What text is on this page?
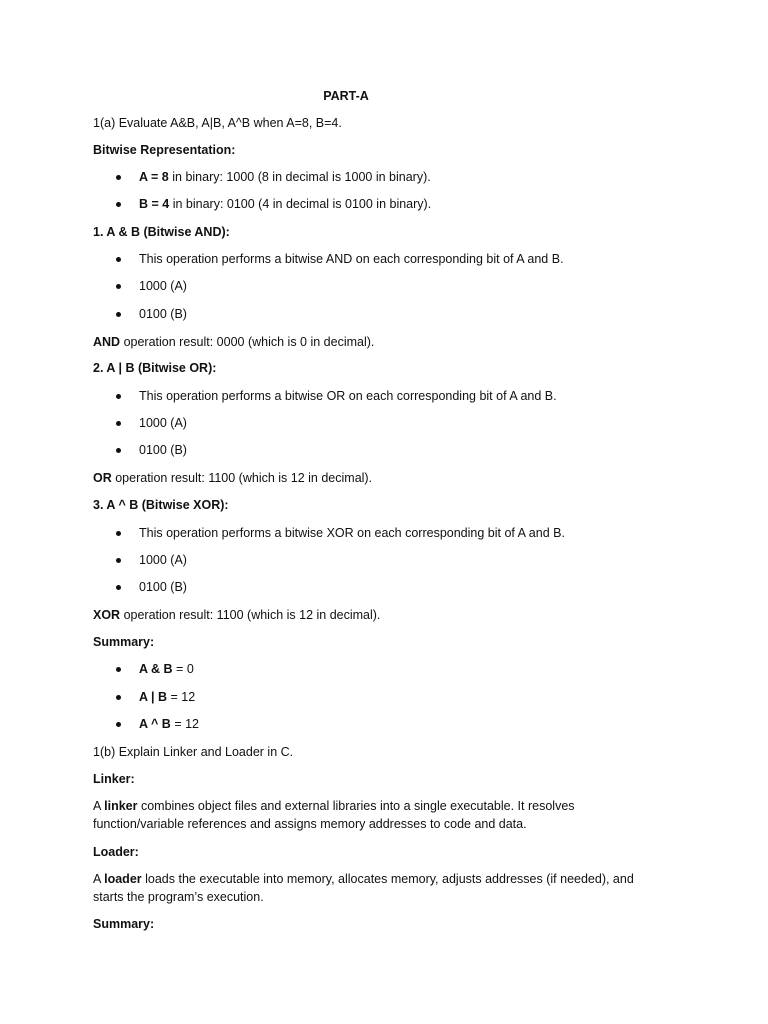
PART-A
1(a) Evaluate A&B, A|B, A^B when A=8, B=4.
Bitwise Representation:
A = 8 in binary: 1000 (8 in decimal is 1000 in binary).
B = 4 in binary: 0100 (4 in decimal is 0100 in binary).
1. A & B (Bitwise AND):
This operation performs a bitwise AND on each corresponding bit of A and B.
1000 (A)
0100 (B)
AND operation result: 0000 (which is 0 in decimal).
2. A | B (Bitwise OR):
This operation performs a bitwise OR on each corresponding bit of A and B.
1000 (A)
0100 (B)
OR operation result: 1100 (which is 12 in decimal).
3. A ^ B (Bitwise XOR):
This operation performs a bitwise XOR on each corresponding bit of A and B.
1000 (A)
0100 (B)
XOR operation result: 1100 (which is 12 in decimal).
Summary:
A & B = 0
A | B = 12
A ^ B = 12
1(b) Explain Linker and Loader in C.
Linker:
A linker combines object files and external libraries into a single executable. It resolves
function/variable references and assigns memory addresses to code and data.
Loader:
A loader loads the executable into memory, allocates memory, adjusts addresses (if needed), and
starts the program’s execution.
Summary:
